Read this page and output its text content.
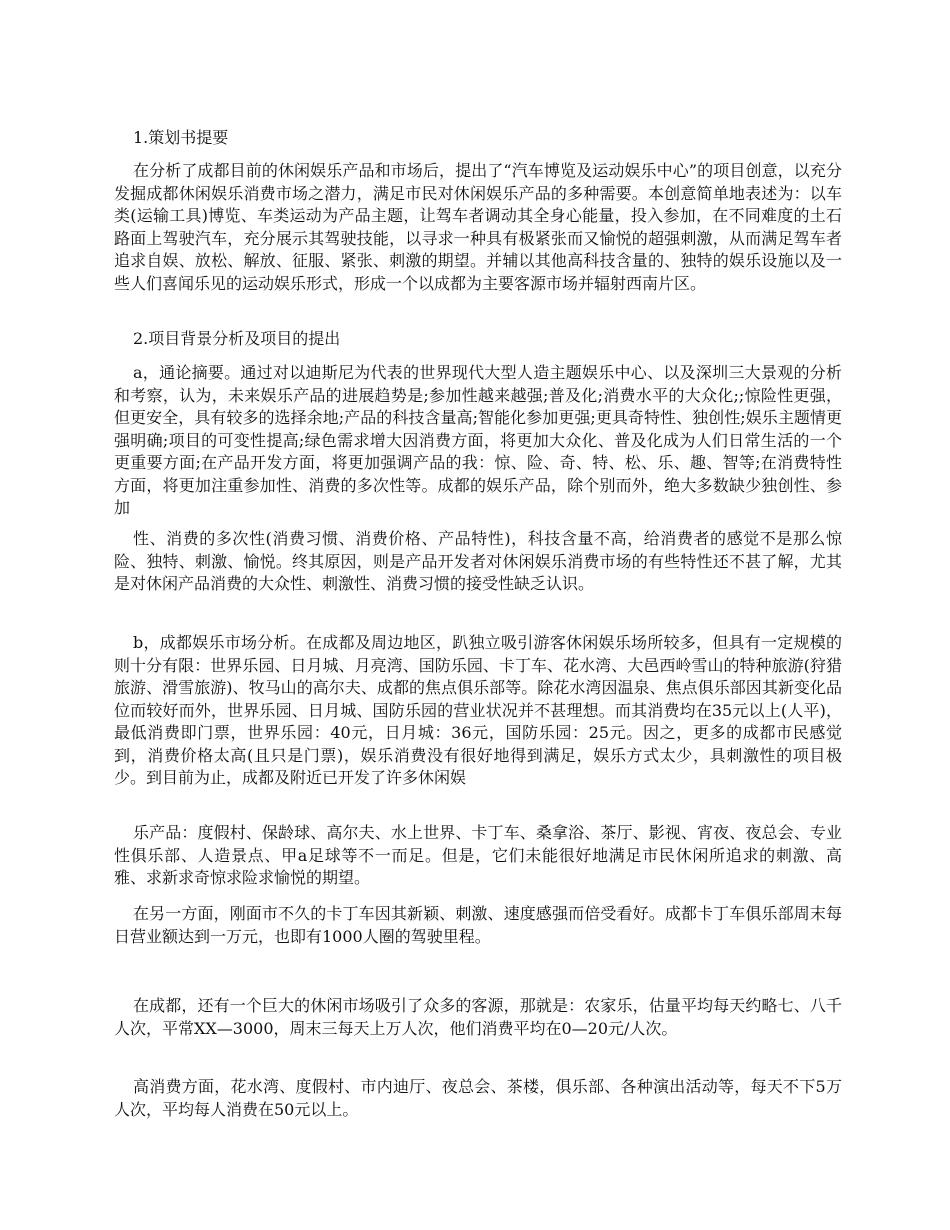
1.策划书提要

在分析了成都目前的休闲娱乐产品和市场后，提出了“汽车博览及运动娱乐中心”的项目创意，以充分发掘成都休闲娱乐消费市场之潜力，满足市民对休闲娱乐产品的多种需要。本创意简单地表述为：以车类(运输工具)博览、车类运动为产品主题，让驾车者调动其全身心能量，投入参加，在不同难度的土石路面上驾驶汽车，充分展示其驾驶技能，以寻求一种具有极紧张而又愉悦的超强刺激，从而满足驾车者追求自娱、放松、解放、征服、紧张、刺激的期望。并辅以其他高科技含量的、独特的娱乐设施以及一些人们喜闻乐见的运动娱乐形式，形成一个以成都为主要客源市场并辐射西南片区。

2.项目背景分析及项目的提出

a，通论摘要。通过对以迪斯尼为代表的世界现代大型人造主题娱乐中心、以及深圳三大景观的分析和考察，认为，未来娱乐产品的进展趋势是;参加性越来越强;普及化;消费水平的大众化;;惊险性更强，但更安全，具有较多的选择余地;产品的科技含量高;智能化参加更强;更具奇特性、独创性;娱乐主题情更强明确;项目的可变性提高;绿色需求增大因消费方面，将更加大众化、普及化成为人们日常生活的一个更重要方面;在产品开发方面，将更加强调产品的我：惊、险、奇、特、松、乐、趣、智等;在消费特性方面，将更加注重参加性、消费的多次性等。成都的娱乐产品，除个别而外，绝大多数缺少独创性、参加

性、消费的多次性(消费习惯、消费价格、产品特性)，科技含量不高，给消费者的感觉不是那么惊险、独特、刺激、愉悦。终其原因，则是产品开发者对休闲娱乐消费市场的有些特性还不甚了解，尤其是对休闲产品消费的大众性、刺激性、消费习惯的接受性缺乏认识。

b，成都娱乐市场分析。在成都及周边地区，趴独立吸引游客休闲娱乐场所较多，但具有一定规模的则十分有限：世界乐园、日月城、月亮湾、国防乐园、卡丁车、花水湾、大邑西岭雪山的特种旅游(狩猎旅游、滑雪旅游)、牧马山的高尔夫、成都的焦点俱乐部等。除花水湾因温泉、焦点俱乐部因其新变化品位而较好而外，世界乐园、日月城、国防乐园的营业状况并不甚理想。而其消费均在35元以上(人平)，最低消费即门票，世界乐园：40元，日月城：36元，国防乐园：25元。因之，更多的成都市民感觉到，消费价格太高(且只是门票)，娱乐消费没有很好地得到满足，娱乐方式太少，具刺激性的项目极少。到目前为止，成都及附近已开发了许多休闲娱

乐产品：度假村、保龄球、高尔夫、水上世界、卡丁车、桑拿浴、茶厅、影视、宵夜、夜总会、专业性俱乐部、人造景点、甲a足球等不一而足。但是，它们未能很好地满足市民休闲所追求的刺激、高雅、求新求奇惊求险求愉悦的期望。

在另一方面，刚面市不久的卡丁车因其新颖、刺激、速度感强而倍受看好。成都卡丁车俱乐部周末每日营业额达到一万元，也即有1000人圈的驾驶里程。

在成都，还有一个巨大的休闲市场吸引了众多的客源，那就是：农家乐，估量平均每天约略七、八千人次，平常XX—3000，周末三每天上万人次，他们消费平均在0—20元/人次。

高消费方面，花水湾、度假村、市内迪厅、夜总会、茶楼，俱乐部、各种演出活动等，每天不下5万人次，平均每人消费在50元以上。
